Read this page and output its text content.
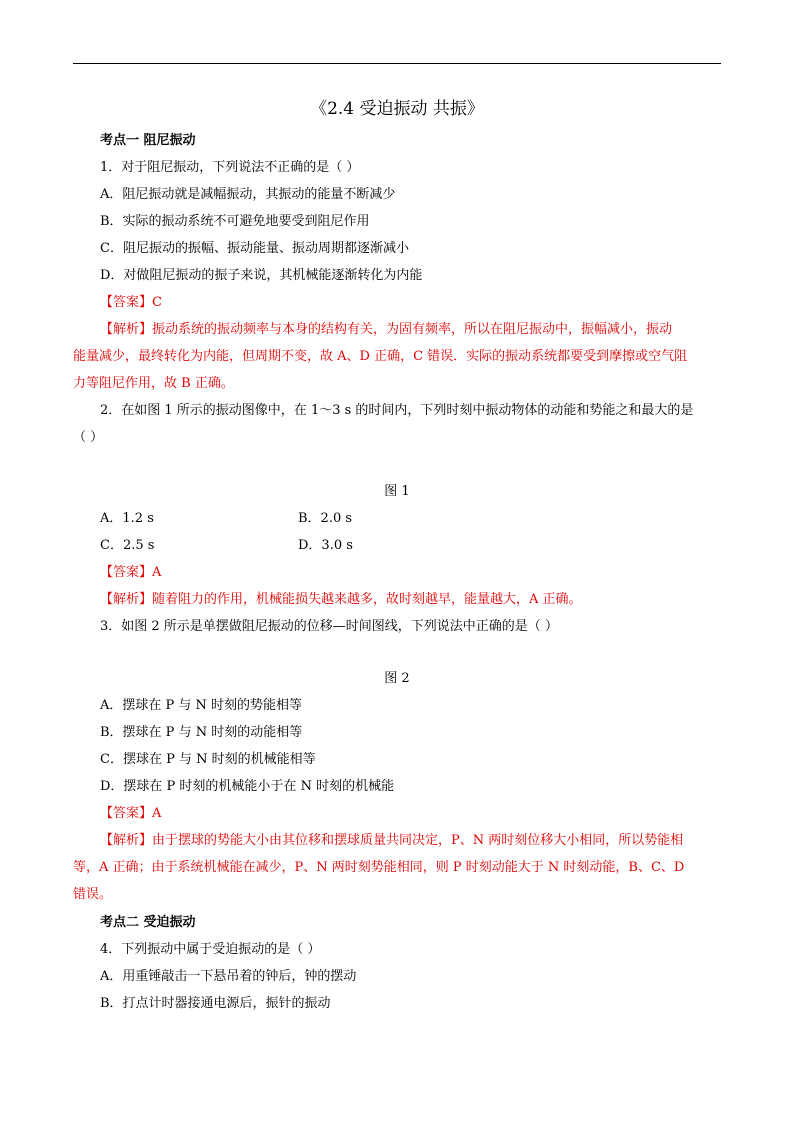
《2.4 受迫振动 共振》
考点一 阻尼振动
1．对于阻尼振动，下列说法不正确的是（ ）
A．阻尼振动就是减幅振动，其振动的能量不断减少
B．实际的振动系统不可避免地要受到阻尼作用
C．阻尼振动的振幅、振动能量、振动周期都逐渐减小
D．对做阻尼振动的振子来说，其机械能逐渐转化为内能
【答案】C
【解析】振动系统的振动频率与本身的结构有关，为固有频率，所以在阻尼振动中，振幅减小，振动
能量减少，最终转化为内能，但周期不变，故 A、D 正确，C 错误．实际的振动系统都要受到摩擦或空气阻
力等阻尼作用，故 B 正确。
2．在如图 1 所示的振动图像中，在 1～3 s 的时间内，下列时刻中振动物体的动能和势能之和最大的是
（ ）
图 1
A．1.2 s	B．2.0 s
C．2.5 s	D．3.0 s
【答案】A
【解析】随着阻力的作用，机械能损失越来越多，故时刻越早，能量越大，A 正确。
3．如图 2 所示是单摆做阻尼振动的位移—时间图线，下列说法中正确的是（ ）
图 2
A．摆球在 P 与 N 时刻的势能相等
B．摆球在 P 与 N 时刻的动能相等
C．摆球在 P 与 N 时刻的机械能相等
D．摆球在 P 时刻的机械能小于在 N 时刻的机械能
【答案】A
【解析】由于摆球的势能大小由其位移和摆球质量共同决定，P、N 两时刻位移大小相同，所以势能相
等，A 正确；由于系统机械能在减少，P、N 两时刻势能相同，则 P 时刻动能大于 N 时刻动能，B、C、D
错误。
考点二 受迫振动
4．下列振动中属于受迫振动的是（ ）
A．用重锤敲击一下悬吊着的钟后，钟的摆动
B．打点计时器接通电源后，振针的振动
